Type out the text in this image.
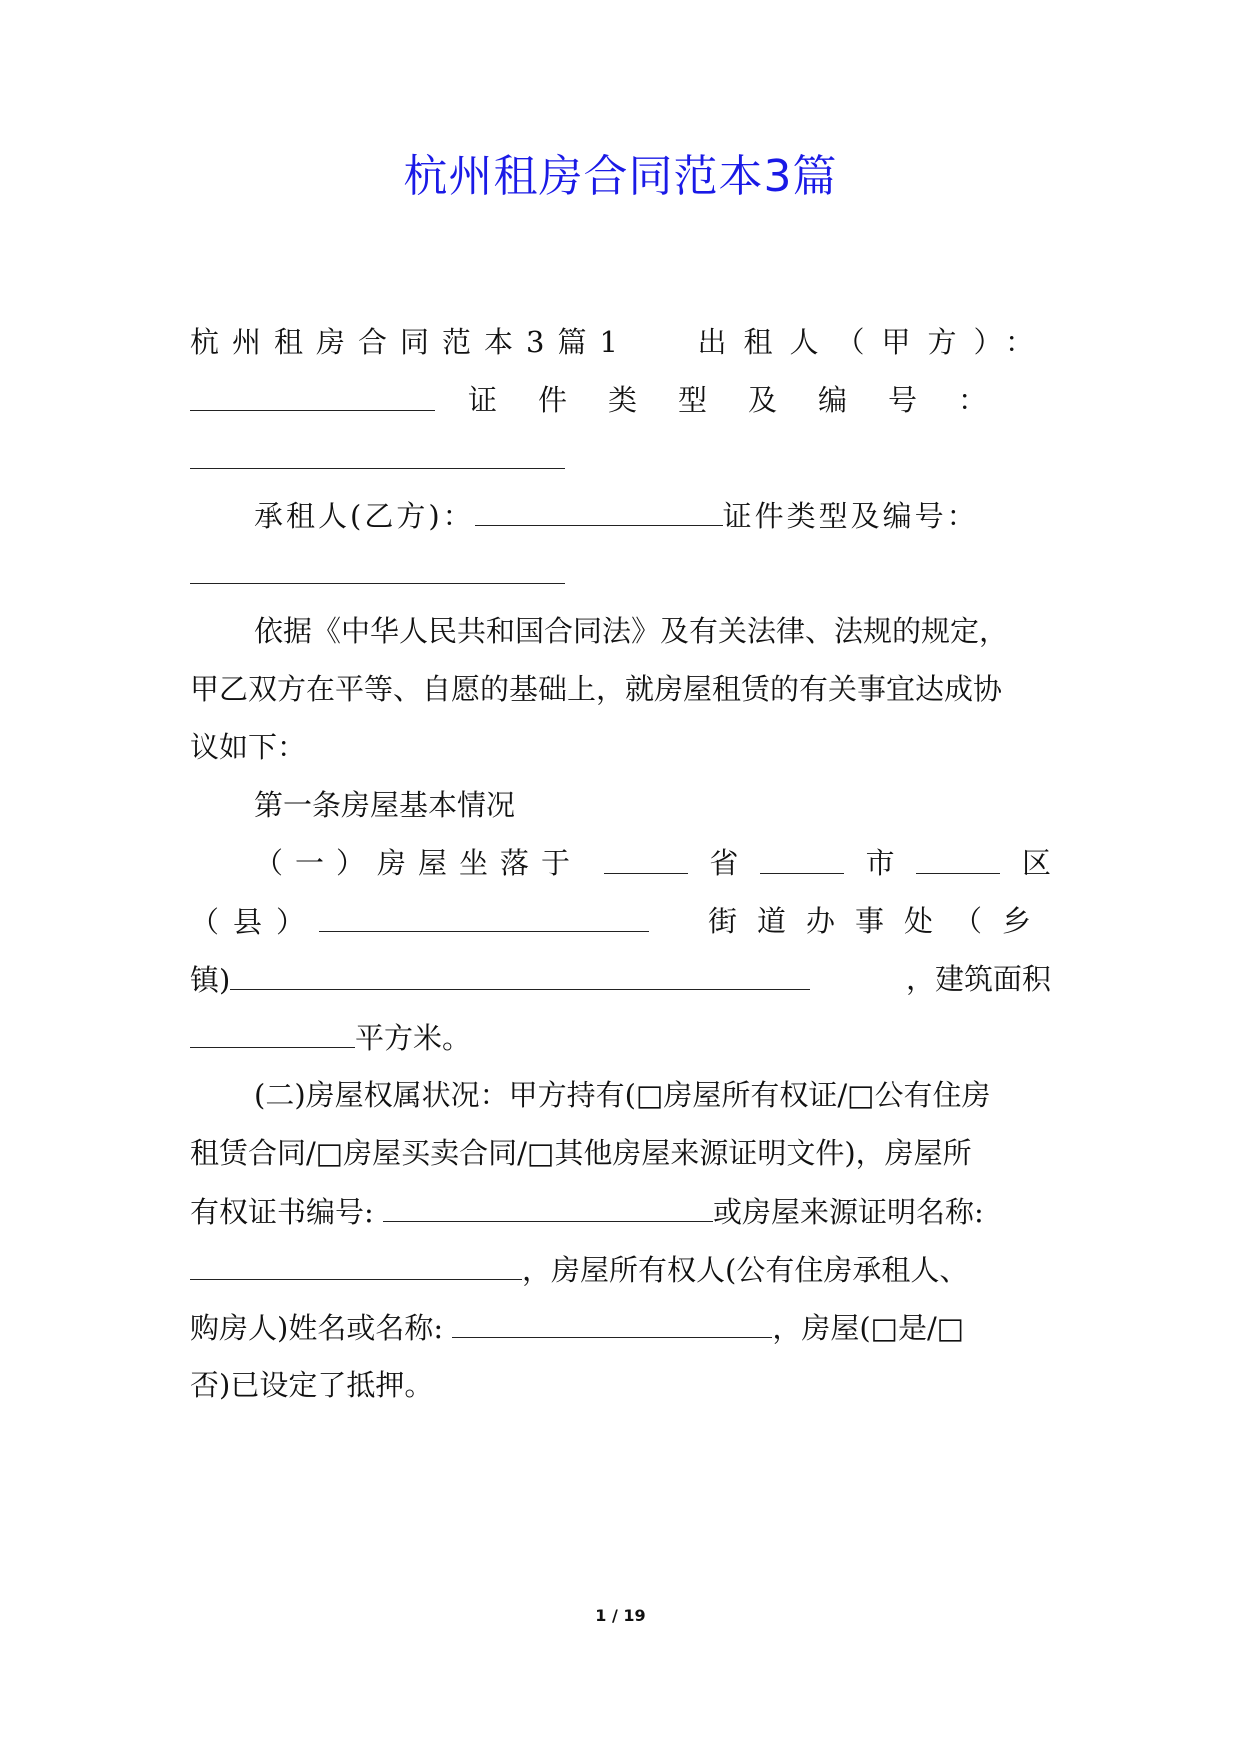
杭州租房合同范本3篇
杭州租房合同范本3篇1 出租人（甲方）：
证件类型及编号：
承租人(乙方)：	证件类型及编号：
依据《中华人民共和国合同法》及有关法律、法规的规定，
甲乙双方在平等、自愿的基础上，就房屋租赁的有关事宜达成协
议如下：
第一条房屋基本情况
（一）房屋坐落于	省	市	区
（县）	街道办事处（乡
镇)	，建筑面积
平方米。
(二)房屋权属状况：甲方持有(□房屋所有权证/□公有住房
租赁合同/□房屋买卖合同/□其他房屋来源证明文件)，房屋所
有权证书编号:	或房屋来源证明名称:
，房屋所有权人(公有住房承租人、
购房人)姓名或名称:	，房屋(□是/□
否)已设定了抵押。
1 / 19
